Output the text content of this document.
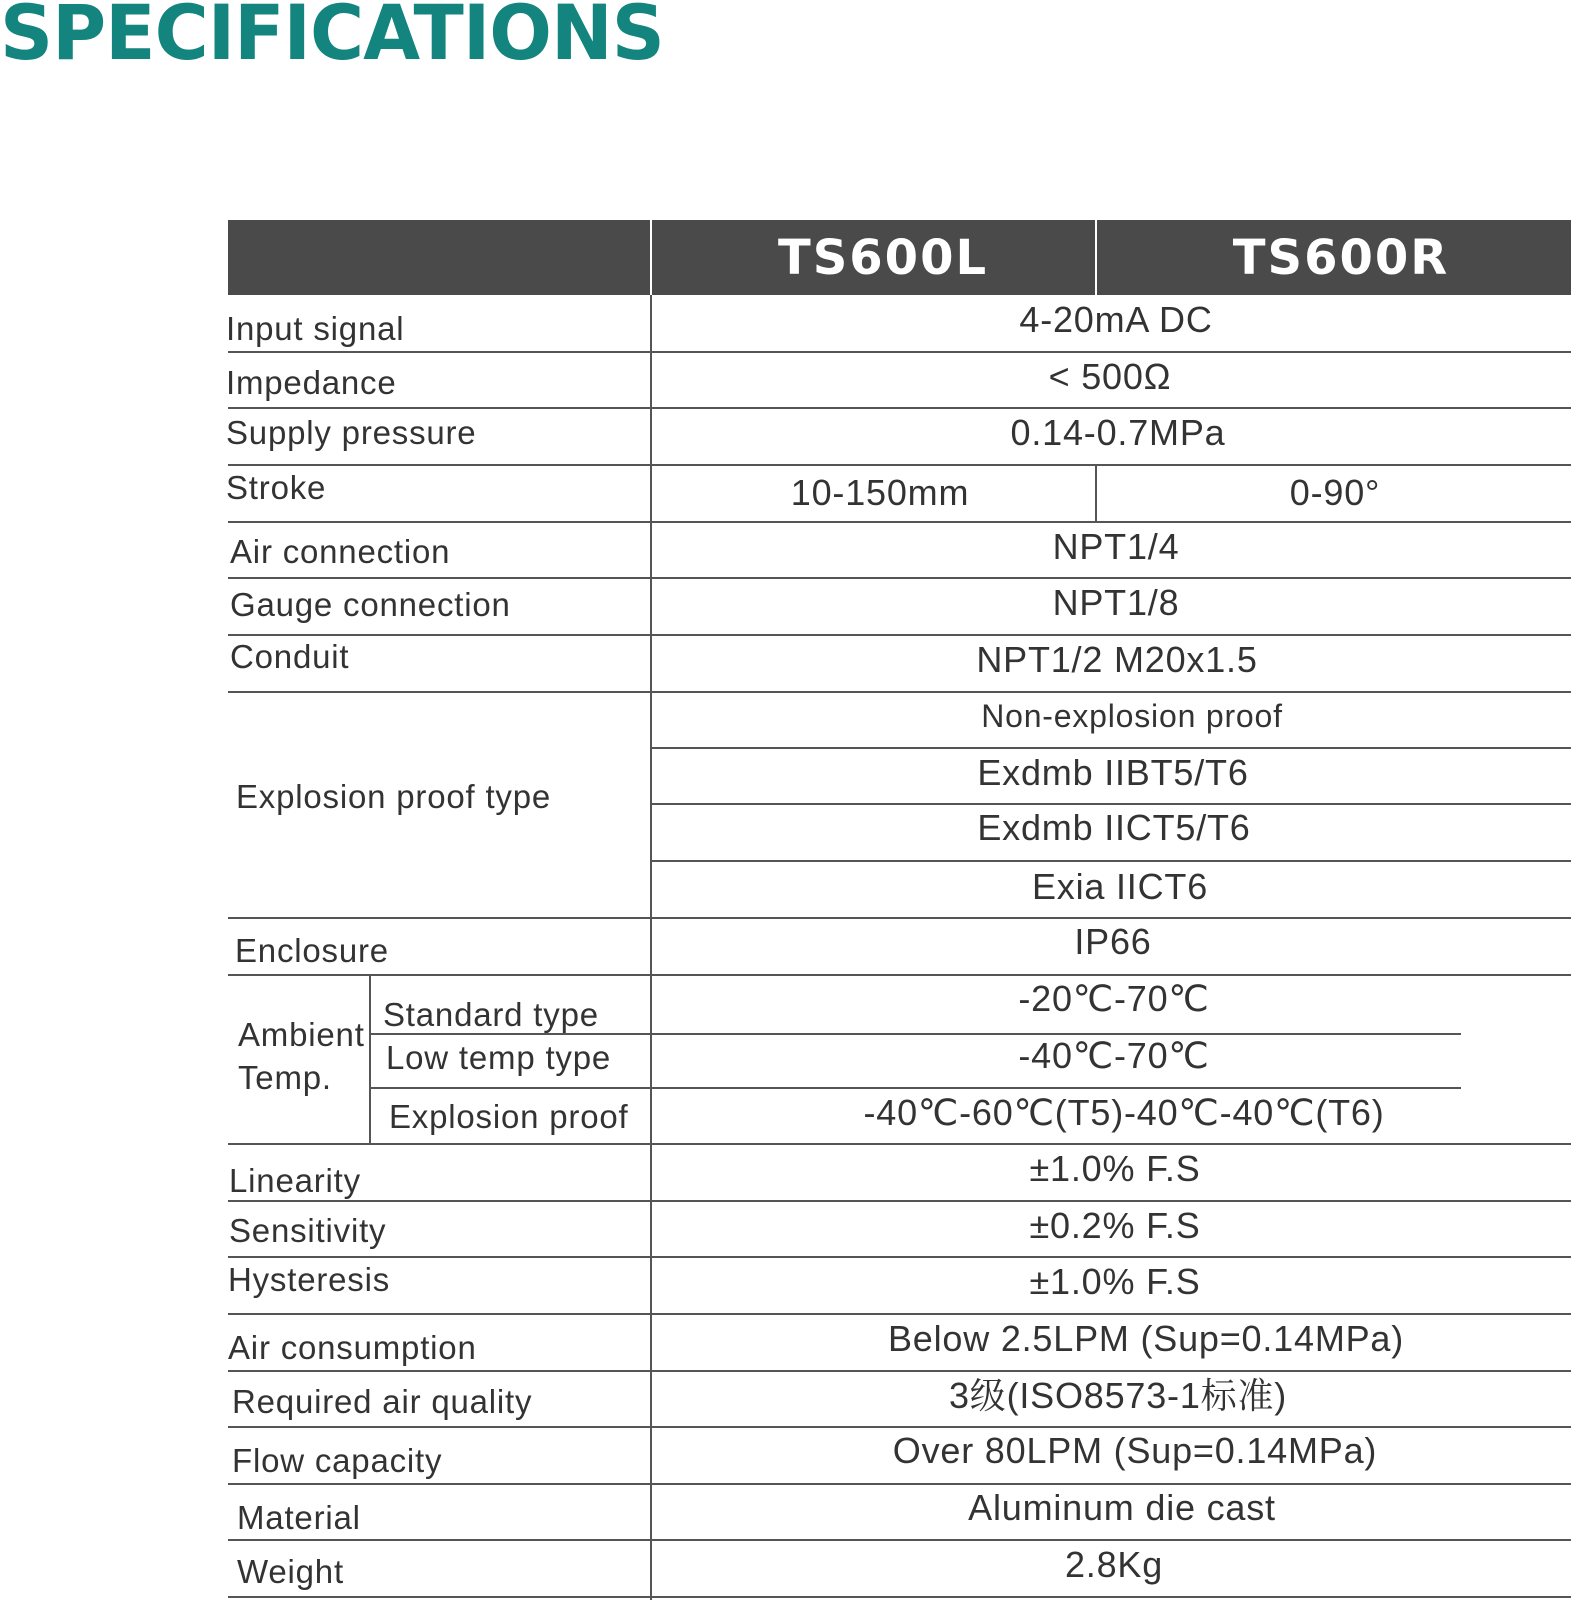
SPECIFICATIONS
TS600L	TS600R
Input signal
Impedance
Supply pressure
Stroke
Air connection
Gauge connection
Conduit
Explosion proof type
Enclosure
Ambient
Temp.
Standard type
Low temp type
Explosion proof
Linearity
Sensitivity
Hysteresis
Air consumption
Required air quality
Flow capacity
Material
Weight
4-20mA DC
< 500Ω
0.14-0.7MPa
10-150mm	0-90°
NPT1/4
NPT1/8
NPT1/2 M20x1.5
Non-explosion proof
Exdmb IIBT5/T6
Exdmb IICT5/T6
Exia IICT6
IP66
-20℃-70℃
-40℃-70℃
-40℃-60℃(T5)-40℃-40℃(T6)
±1.0% F.S
±0.2% F.S
±1.0% F.S
Below 2.5LPM (Sup=0.14MPa)
3级(ISO8573-1标准)
Over 80LPM (Sup=0.14MPa)
Aluminum die cast
2.8Kg
